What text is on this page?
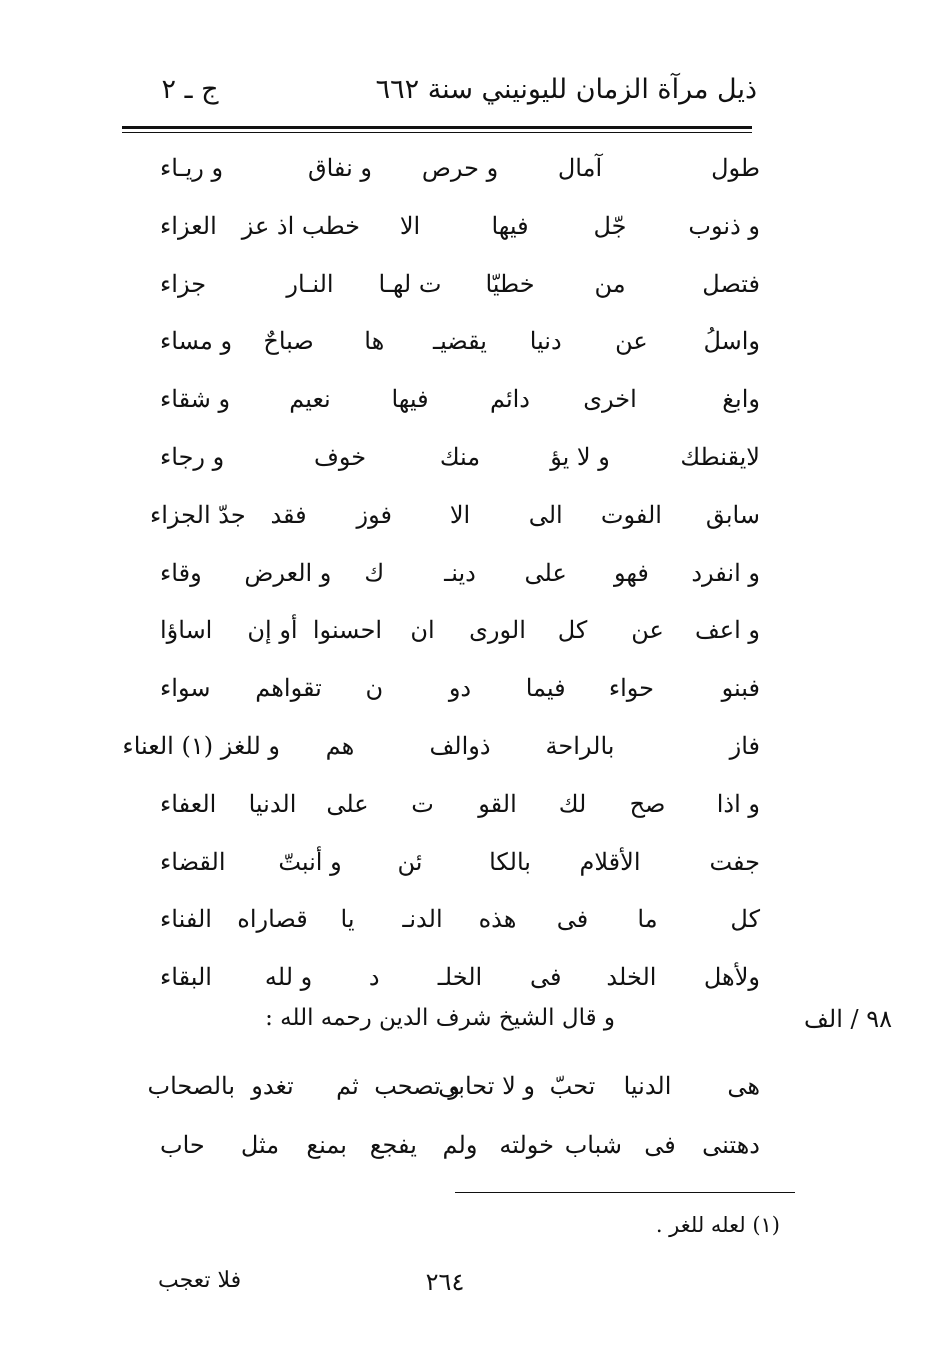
ذيل مرآة الزمان لليونيني سنة ٦٦٢
ج ـ ٢
طول
آمال
و حرص
و نفاق
و ريـاء
و ذنوب
جّل
فيها
الا
خطب اذ عز
العزاء
فتصل
من
خطيّا
ت لهـا
النـار
جزاء
واسلُ
عن
دنيا
يقضيـ
ها
صباحٌ
و مساء
وابغ
اخرى
دائم
فيها
نعيم
و شقاء
لايقنطك
و لا يؤ
منك
خوف
و رجاء
سابق
الفوت
الى
الا
فوز
فقد
جدّ الجزاء
و انفرد
فهو
على
دينـ
ك
و العرض
وقاء
و اعف
عن
كل
الورى
ان
احسنوا
أو إن
اساؤا
فبنو
حواء
فيما
دو
ن
تقواهم
سواء
فاز
بالراحة
ذوالف
هم
و للغز (١) العناء
و اذا
صح
لك
القو
ت
على
الدنيا
العفاء
جفت
الأقلام
بالكا
ئن
و أنبتّ
القضاء
كل
ما
فى
هذه
الدنـ
يا
قصاراه
الفناء
ولأهل
الخلد
فى
الخلـ
د
و لله
البقاء
٩٨ / الف
و قال الشيخ شرف الدين رحمه الله :
هى
الدنيا
تحبّ
و لا تحابى
و تصحب
ثم
تغدو
بالصحاب
دهتنى
فى
شباب
خولته
ولم
يفجع
بمنع
مثل
حاب
(١) لعله للغر .
فلا تعجب	٢٦٤
